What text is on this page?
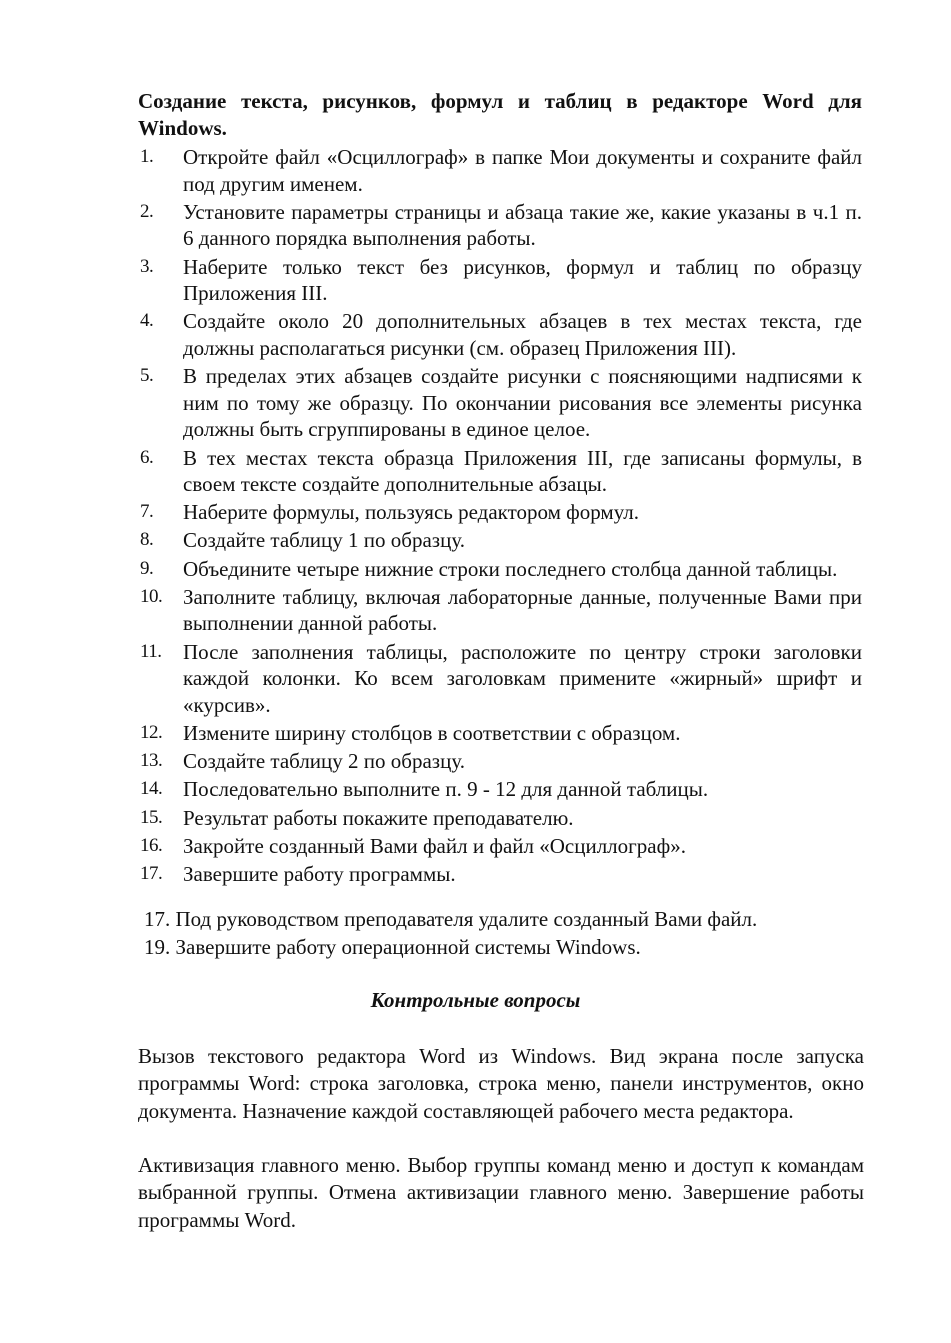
Создание текста, рисунков, формул и таблиц в редакторе Word для Windows.
1. Откройте файл «Осциллограф» в папке Мои документы и сохраните файл под другим именем.
2. Установите параметры страницы и абзаца такие же, какие указаны в ч.1 п. 6 данного порядка выполнения работы.
3. Наберите только текст без рисунков, формул и таблиц по образцу Приложения III.
4. Создайте около 20 дополнительных абзацев в тех местах текста, где должны располагаться рисунки (см. образец Приложения III).
5. В пределах этих абзацев создайте рисунки с поясняющими надписями к ним по тому же образцу. По окончании рисования все элементы рисунка должны быть сгруппированы в единое целое.
6. В тех местах текста образца Приложения III, где записаны формулы, в своем тексте создайте дополнительные абзацы.
7. Наберите формулы, пользуясь редактором формул.
8. Создайте таблицу 1 по образцу.
9. Объедините четыре нижние строки последнего столбца данной таблицы.
10. Заполните таблицу, включая лабораторные данные, полученные Вами при выполнении данной работы.
11. После заполнения таблицы, расположите по центру строки заголовки каждой колонки. Ко всем заголовкам примените «жирный» шрифт и «курсив».
12. Измените ширину столбцов в соответствии с образцом.
13. Создайте таблицу 2 по образцу.
14. Последовательно выполните п. 9 - 12 для данной таблицы.
15. Результат работы покажите преподавателю.
16. Закройте созданный Вами файл и файл «Осциллограф».
17. Завершите работу программы.
17. Под руководством преподавателя удалите созданный Вами файл.
19. Завершите работу операционной системы Windows.
Контрольные вопросы

Вызов текстового редактора Word из Windows. Вид экрана после запуска программы Word: строка заголовка, строка меню, панели инструментов, окно документа. Назначение каждой составляющей рабочего места редактора.

Активизация главного меню. Выбор группы команд меню и доступ к командам выбранной группы. Отмена активизации главного меню. Завершение работы программы Word.
